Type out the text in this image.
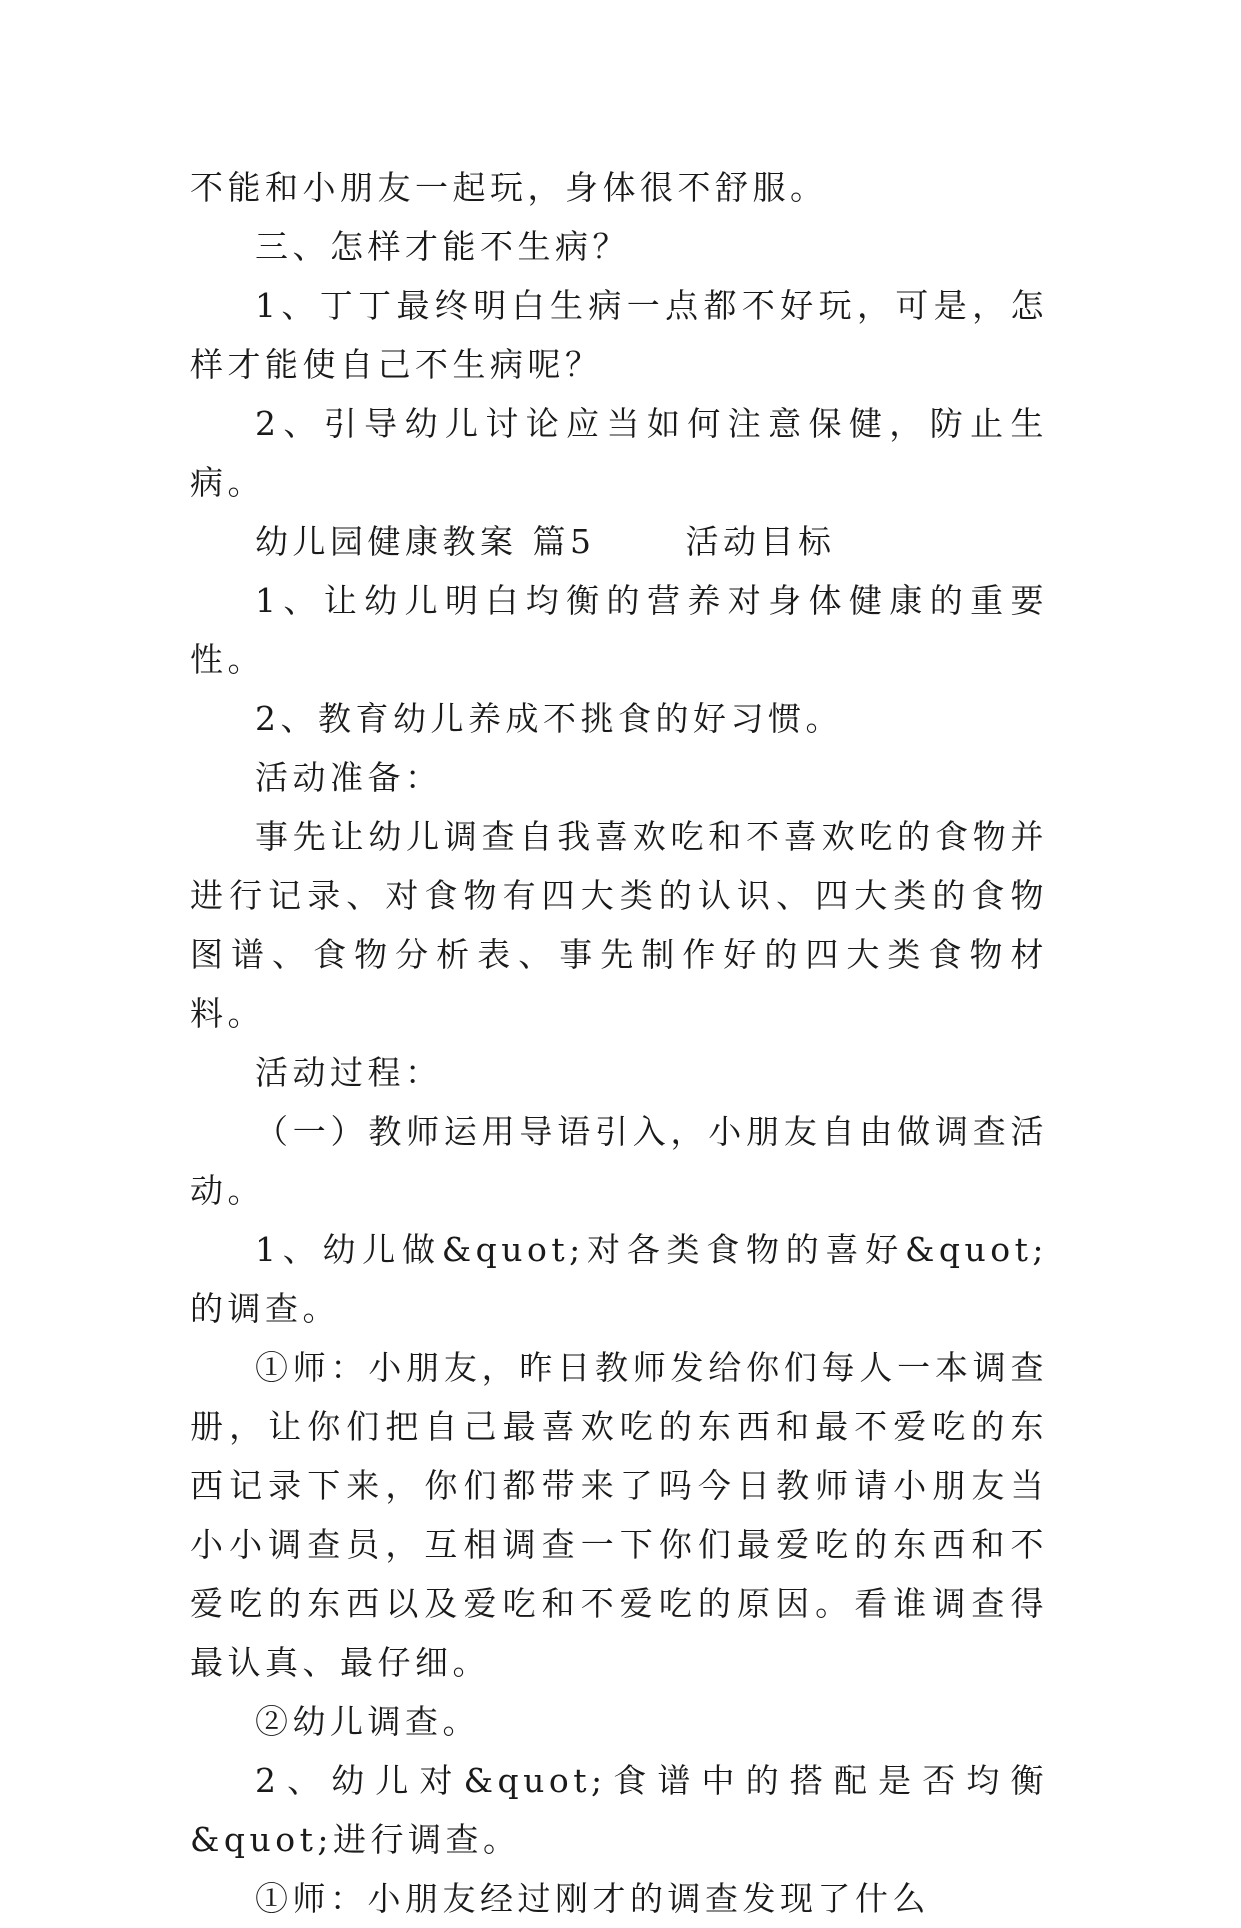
不能和小朋友一起玩，身体很不舒服。

三、怎样才能不生病？

1、丁丁最终明白生病一点都不好玩，可是，怎样才能使自己不生病呢？

2、引导幼儿讨论应当如何注意保健，防止生病。

幼儿园健康教案 篇5 　　活动目标

1、让幼儿明白均衡的营养对身体健康的重要性。

2、教育幼儿养成不挑食的好习惯。

活动准备：

事先让幼儿调查自我喜欢吃和不喜欢吃的食物并进行记录、对食物有四大类的认识、四大类的食物图谱、食物分析表、事先制作好的四大类食物材料。

活动过程：

（一）教师运用导语引入，小朋友自由做调查活动。

1、幼儿做&quot;对各类食物的喜好&quot;的调查。

①师：小朋友，昨日教师发给你们每人一本调查册，让你们把自己最喜欢吃的东西和最不爱吃的东西记录下来，你们都带来了吗今日教师请小朋友当小小调查员，互相调查一下你们最爱吃的东西和不爱吃的东西以及爱吃和不爱吃的原因。看谁调查得最认真、最仔细。

②幼儿调查。

2、幼儿对&quot;食谱中的搭配是否均衡&quot;进行调查。

①师：小朋友经过刚才的调查发现了什么
